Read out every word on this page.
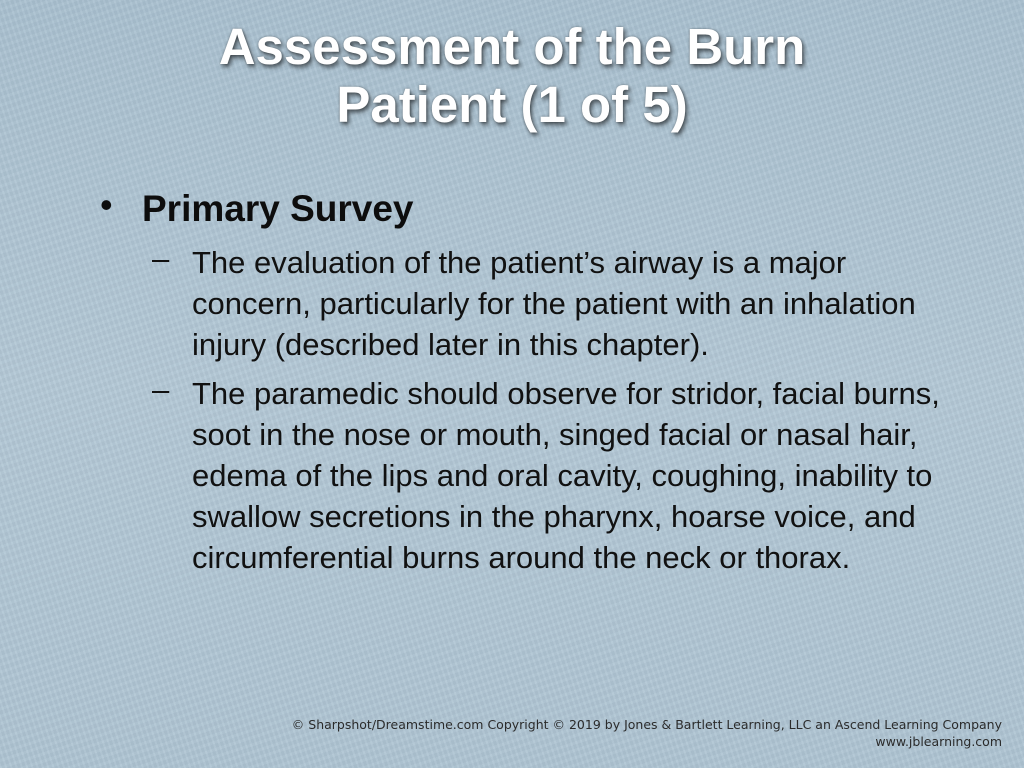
Assessment of the Burn
Patient (1 of 5)
• Primary Survey
– The evaluation of the patient’s airway is a major concern, particularly for the patient with an inhalation injury (described later in this chapter).
– The paramedic should observe for stridor, facial burns, soot in the nose or mouth, singed facial or nasal hair, edema of the lips and oral cavity, coughing, inability to swallow secretions in the pharynx, hoarse voice, and circumferential burns around the neck or thorax.
© Sharpshot/Dreamstime.com Copyright © 2019 by Jones & Bartlett Learning, LLC an Ascend Learning Company
www.jblearning.com
